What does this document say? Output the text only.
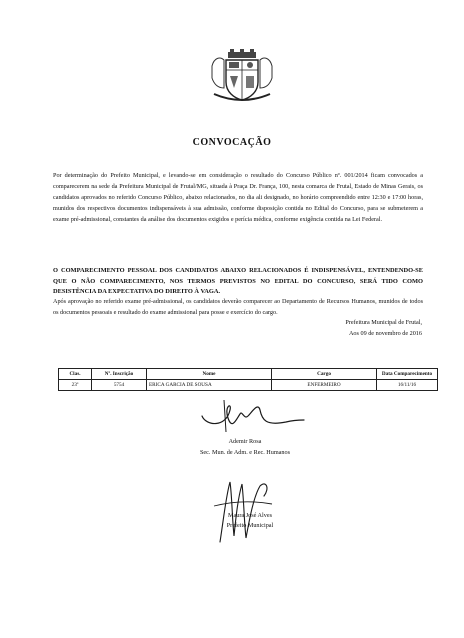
CONVOCAÇÃO
Por determinação do Prefeito Municipal, e levando-se em consideração o resultado do Concurso Público nº. 001/2014 ficam convocados a comparecerem na sede da Prefeitura Municipal de Frutal/MG, situada à Praça Dr. França, 100, nesta comarca de Frutal, Estado de Minas Gerais, os candidatos aprovados no referido Concurso Público, abaixo relacionados, no dia ali designado, no horário compreendido entre 12:30 e 17:00 horas, munidos dos respectivos documentos indispensáveis à sua admissão, conforme disposição contida no Edital do Concurso, para se submeterem a exame pré-admissional, constantes da análise dos documentos exigidos e perícia médica, conforme exigência contida na Lei Federal.
O COMPARECIMENTO PESSOAL DOS CANDIDATOS ABAIXO RELACIONADOS É INDISPENSÁVEL, ENTENDENDO-SE QUE O NÃO COMPARECIMENTO, NOS TERMOS PREVISTOS NO EDITAL DO CONCURSO, SERÁ TIDO COMO DESISTÊNCIA DA EXPECTATIVA DO DIREITO À VAGA.
Após aprovação no referido exame pré-admissional, os candidatos deverão comparecer ao Departamento de Recursos Humanos, munidos de todos os documentos pessoais e resultado do exame admissional para posse e exercício do cargo.
Prefeitura Municipal de Frutal,
Aos 09 de novembro de 2016
Clas.	Nº. Inscrição	Nome	Cargo	Data Comparecimento
23º	5754	ERICA GARCIA DE SOUSA	ENFERMEIRO	16/11/16
Ademir Rosa
Sec. Mun. de Adm. e Rec. Humanos
Maura José Alves
Prefeito Municipal
